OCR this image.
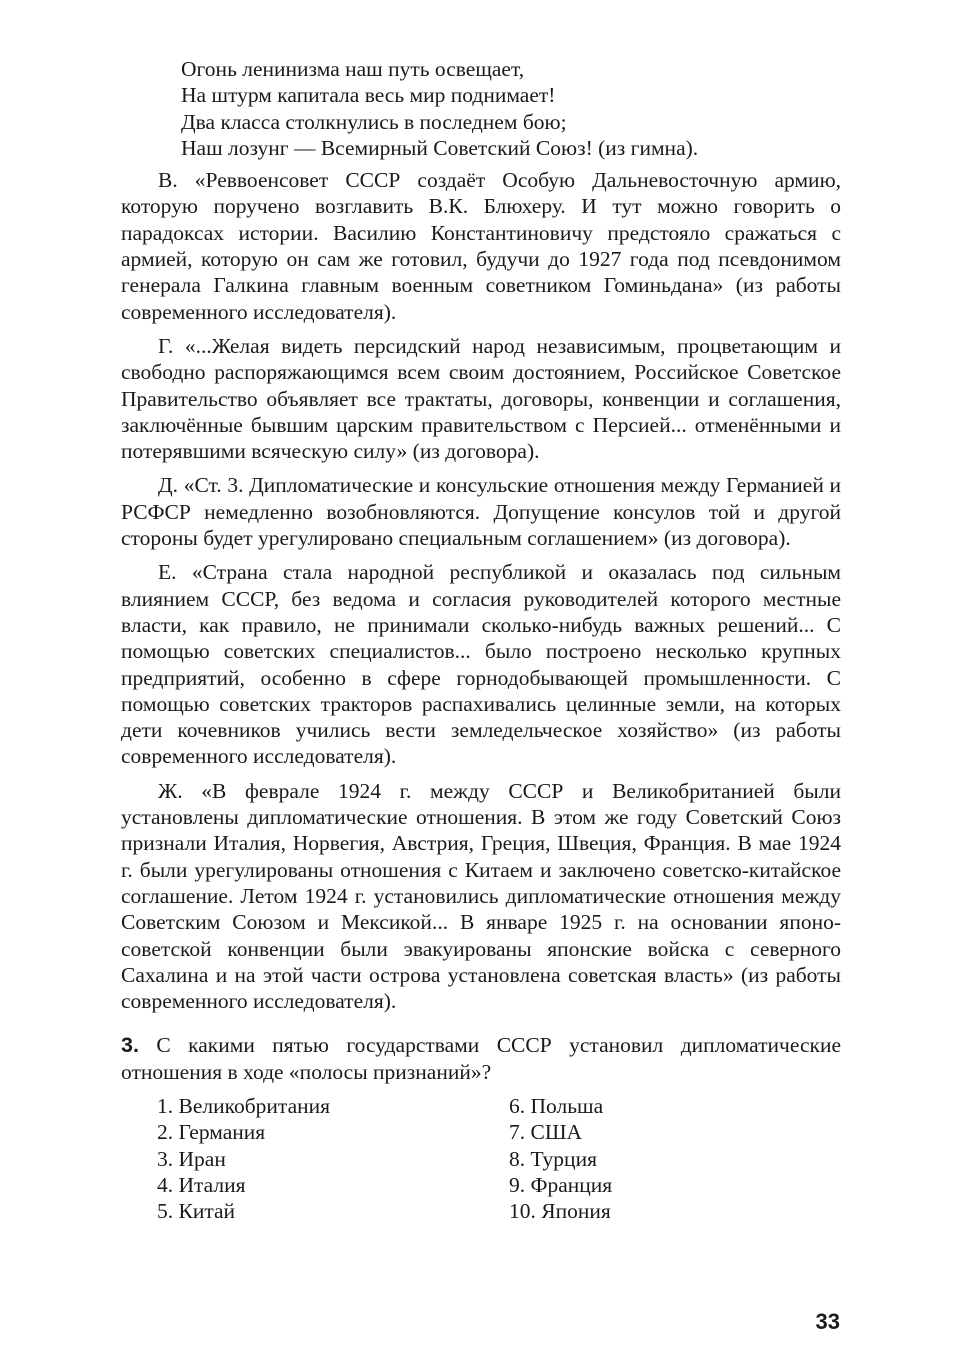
Огонь ленинизма наш путь освещает,
На штурм капитала весь мир поднимает!
Два класса столкнулись в последнем бою;
Наш лозунг — Всемирный Советский Союз! (из гимна).

В. «Реввоенсовет СССР создаёт Особую Дальневосточную армию, которую поручено возглавить В.К. Блюхеру. И тут можно говорить о парадоксах истории. Василию Константиновичу предстояло сражаться с армией, которую он сам же готовил, будучи до 1927 года под псевдонимом генерала Галкина главным военным советником Гоминьдана» (из работы современного исследователя).

Г. «...Желая видеть персидский народ независимым, процветающим и свободно распоряжающимся всем своим достоянием, Российское Советское Правительство объявляет все трактаты, договоры, конвенции и соглашения, заключённые бывшим царским правительством с Персией... отменёнными и потерявшими всяческую силу» (из договора).

Д. «Ст. 3. Дипломатические и консульские отношения между Германией и РСФСР немедленно возобновляются. Допущение консулов той и другой стороны будет урегулировано специальным соглашением» (из договора).

Е. «Страна стала народной республикой и оказалась под сильным влиянием СССР, без ведома и согласия руководителей которого местные власти, как правило, не принимали сколько-нибудь важных решений... С помощью советских специалистов... было построено несколько крупных предприятий, особенно в сфере горнодобывающей промышленности. С помощью советских тракторов распахивались целинные земли, на которых дети кочевников учились вести земледельческое хозяйство» (из работы современного исследователя).

Ж. «В феврале 1924 г. между СССР и Великобританией были установлены дипломатические отношения. В этом же году Советский Союз признали Италия, Норвегия, Австрия, Греция, Швеция, Франция. В мае 1924 г. были урегулированы отношения с Китаем и заключено советско-китайское соглашение. Летом 1924 г. установились дипломатические отношения между Советским Союзом и Мексикой... В январе 1925 г. на основании японо-советской конвенции были эвакуированы японские войска с северного Сахалина и на этой части острова установлена советская власть» (из работы современного исследователя).

3. С какими пятью государствами СССР установил дипломатические отношения в ходе «полосы признаний»?

1. Великобритания
2. Германия
3. Иран
4. Италия
5. Китай
6. Польша
7. США
8. Турция
9. Франция
10. Япония
33
